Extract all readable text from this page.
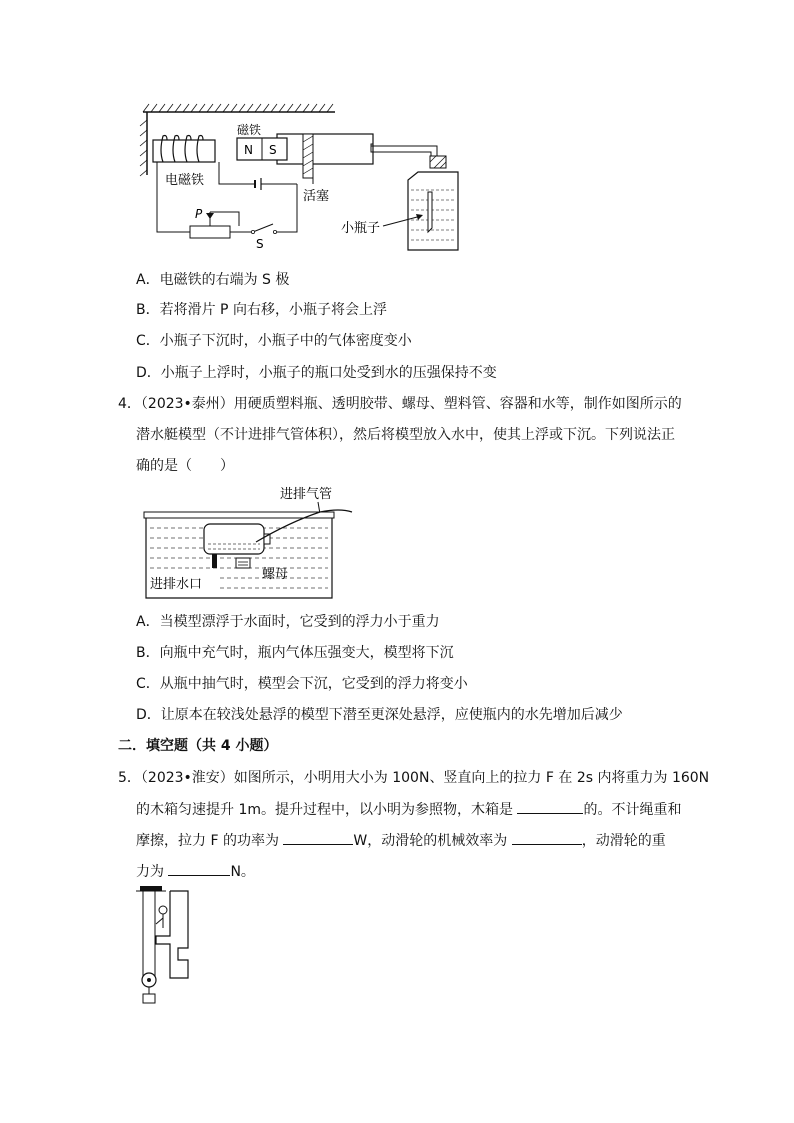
电磁铁
P
S
磁铁
N S
活塞
小瓶子
A．电磁铁的右端为 S 极
B．若将滑片 P 向右移，小瓶子将会上浮
C．小瓶子下沉时，小瓶子中的气体密度变小
D．小瓶子上浮时，小瓶子的瓶口处受到水的压强保持不变
4．（2023•泰州）用硬质塑料瓶、透明胶带、螺母、塑料管、容器和水等，制作如图所示的
潜水艇模型（不计进排气管体积），然后将模型放入水中，使其上浮或下沉。下列说法正
确的是（　　）
进排气管
进排水口
螺母
A．当模型漂浮于水面时，它受到的浮力小于重力
B．向瓶中充气时，瓶内气体压强变大，模型将下沉
C．从瓶中抽气时，模型会下沉，它受到的浮力将变小
D．让原本在较浅处悬浮的模型下潜至更深处悬浮，应使瓶内的水先增加后减少
二．填空题（共 4 小题）
5．（2023•淮安）如图所示，小明用大小为 100N、竖直向上的拉力 F 在 2s 内将重力为 160N
的木箱匀速提升 1m。提升过程中，以小明为参照物，木箱是	的。不计绳重和
摩擦，拉力 F 的功率为	W，动滑轮的机械效率为	，动滑轮的重
力为	N。
